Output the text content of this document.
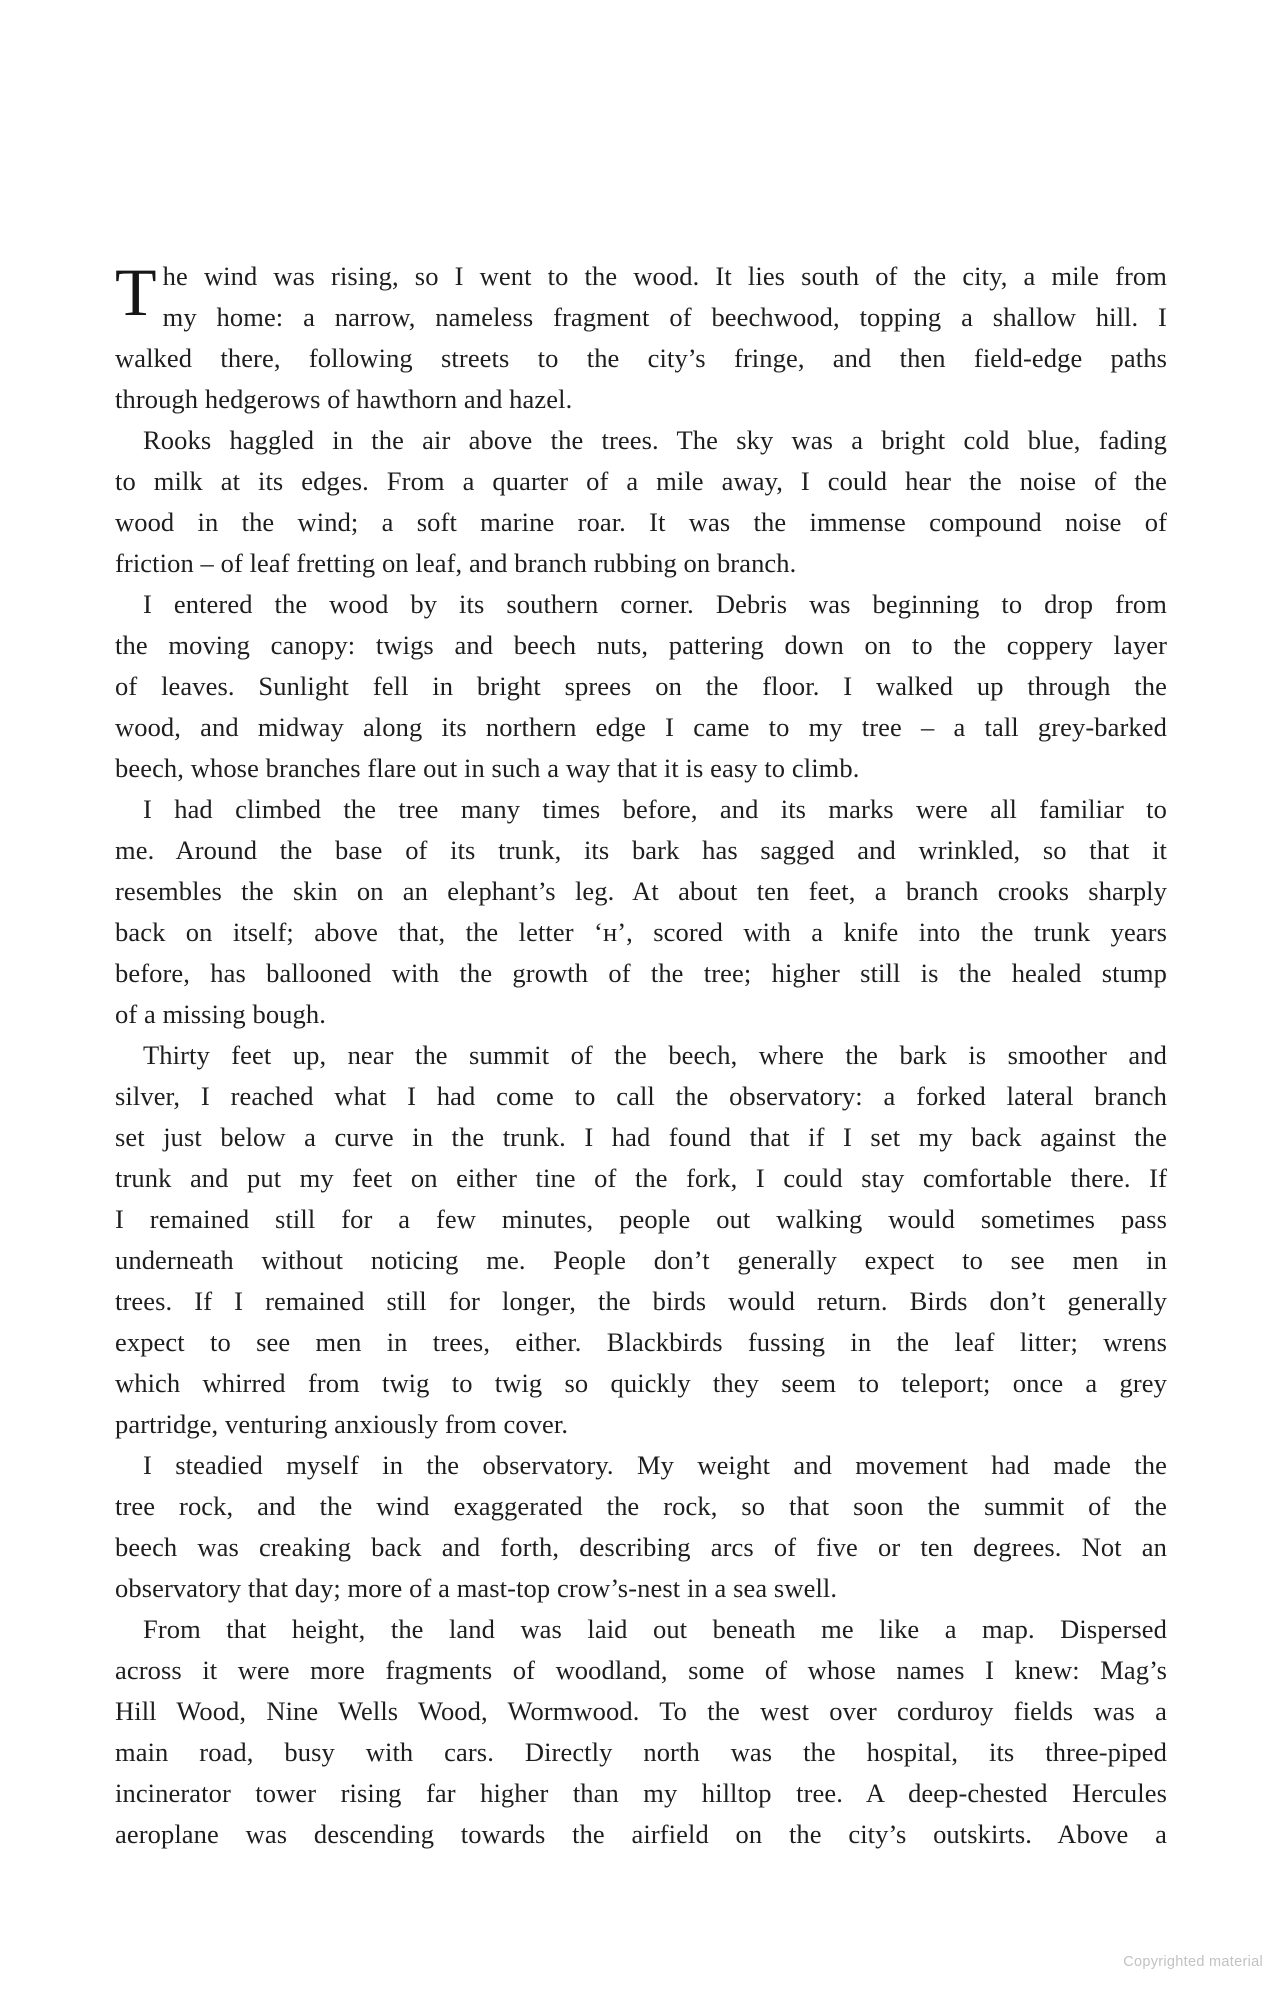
T he wind was rising, so I went to the wood. It lies south of the city, a mile from
my home: a narrow, nameless fragment of beechwood, topping a shallow hill. I
walked there, following streets to the city’s fringe, and then field-edge paths
through hedgerows of hawthorn and hazel.
Rooks haggled in the air above the trees. The sky was a bright cold blue, fading
to milk at its edges. From a quarter of a mile away, I could hear the noise of the
wood in the wind; a soft marine roar. It was the immense compound noise of
friction – of leaf fretting on leaf, and branch rubbing on branch.
I entered the wood by its southern corner. Debris was beginning to drop from
the moving canopy: twigs and beech nuts, pattering down on to the coppery layer
of leaves. Sunlight fell in bright sprees on the floor. I walked up through the
wood, and midway along its northern edge I came to my tree – a tall grey-barked
beech, whose branches flare out in such a way that it is easy to climb.
I had climbed the tree many times before, and its marks were all familiar to
me. Around the base of its trunk, its bark has sagged and wrinkled, so that it
resembles the skin on an elephant’s leg. At about ten feet, a branch crooks sharply
back on itself; above that, the letter ‘ʜ’, scored with a knife into the trunk years
before, has ballooned with the growth of the tree; higher still is the healed stump
of a missing bough.
Thirty feet up, near the summit of the beech, where the bark is smoother and
silver, I reached what I had come to call the observatory: a forked lateral branch
set just below a curve in the trunk. I had found that if I set my back against the
trunk and put my feet on either tine of the fork, I could stay comfortable there. If
I remained still for a few minutes, people out walking would sometimes pass
underneath without noticing me. People don’t generally expect to see men in
trees. If I remained still for longer, the birds would return. Birds don’t generally
expect to see men in trees, either. Blackbirds fussing in the leaf litter; wrens
which whirred from twig to twig so quickly they seem to teleport; once a grey
partridge, venturing anxiously from cover.
I steadied myself in the observatory. My weight and movement had made the
tree rock, and the wind exaggerated the rock, so that soon the summit of the
beech was creaking back and forth, describing arcs of five or ten degrees. Not an
observatory that day; more of a mast-top crow’s-nest in a sea swell.
From that height, the land was laid out beneath me like a map. Dispersed
across it were more fragments of woodland, some of whose names I knew: Mag’s
Hill Wood, Nine Wells Wood, Wormwood. To the west over corduroy fields was a
main road, busy with cars. Directly north was the hospital, its three-piped
incinerator tower rising far higher than my hilltop tree. A deep-chested Hercules
aeroplane was descending towards the airfield on the city’s outskirts. Above a
Copyrighted material
